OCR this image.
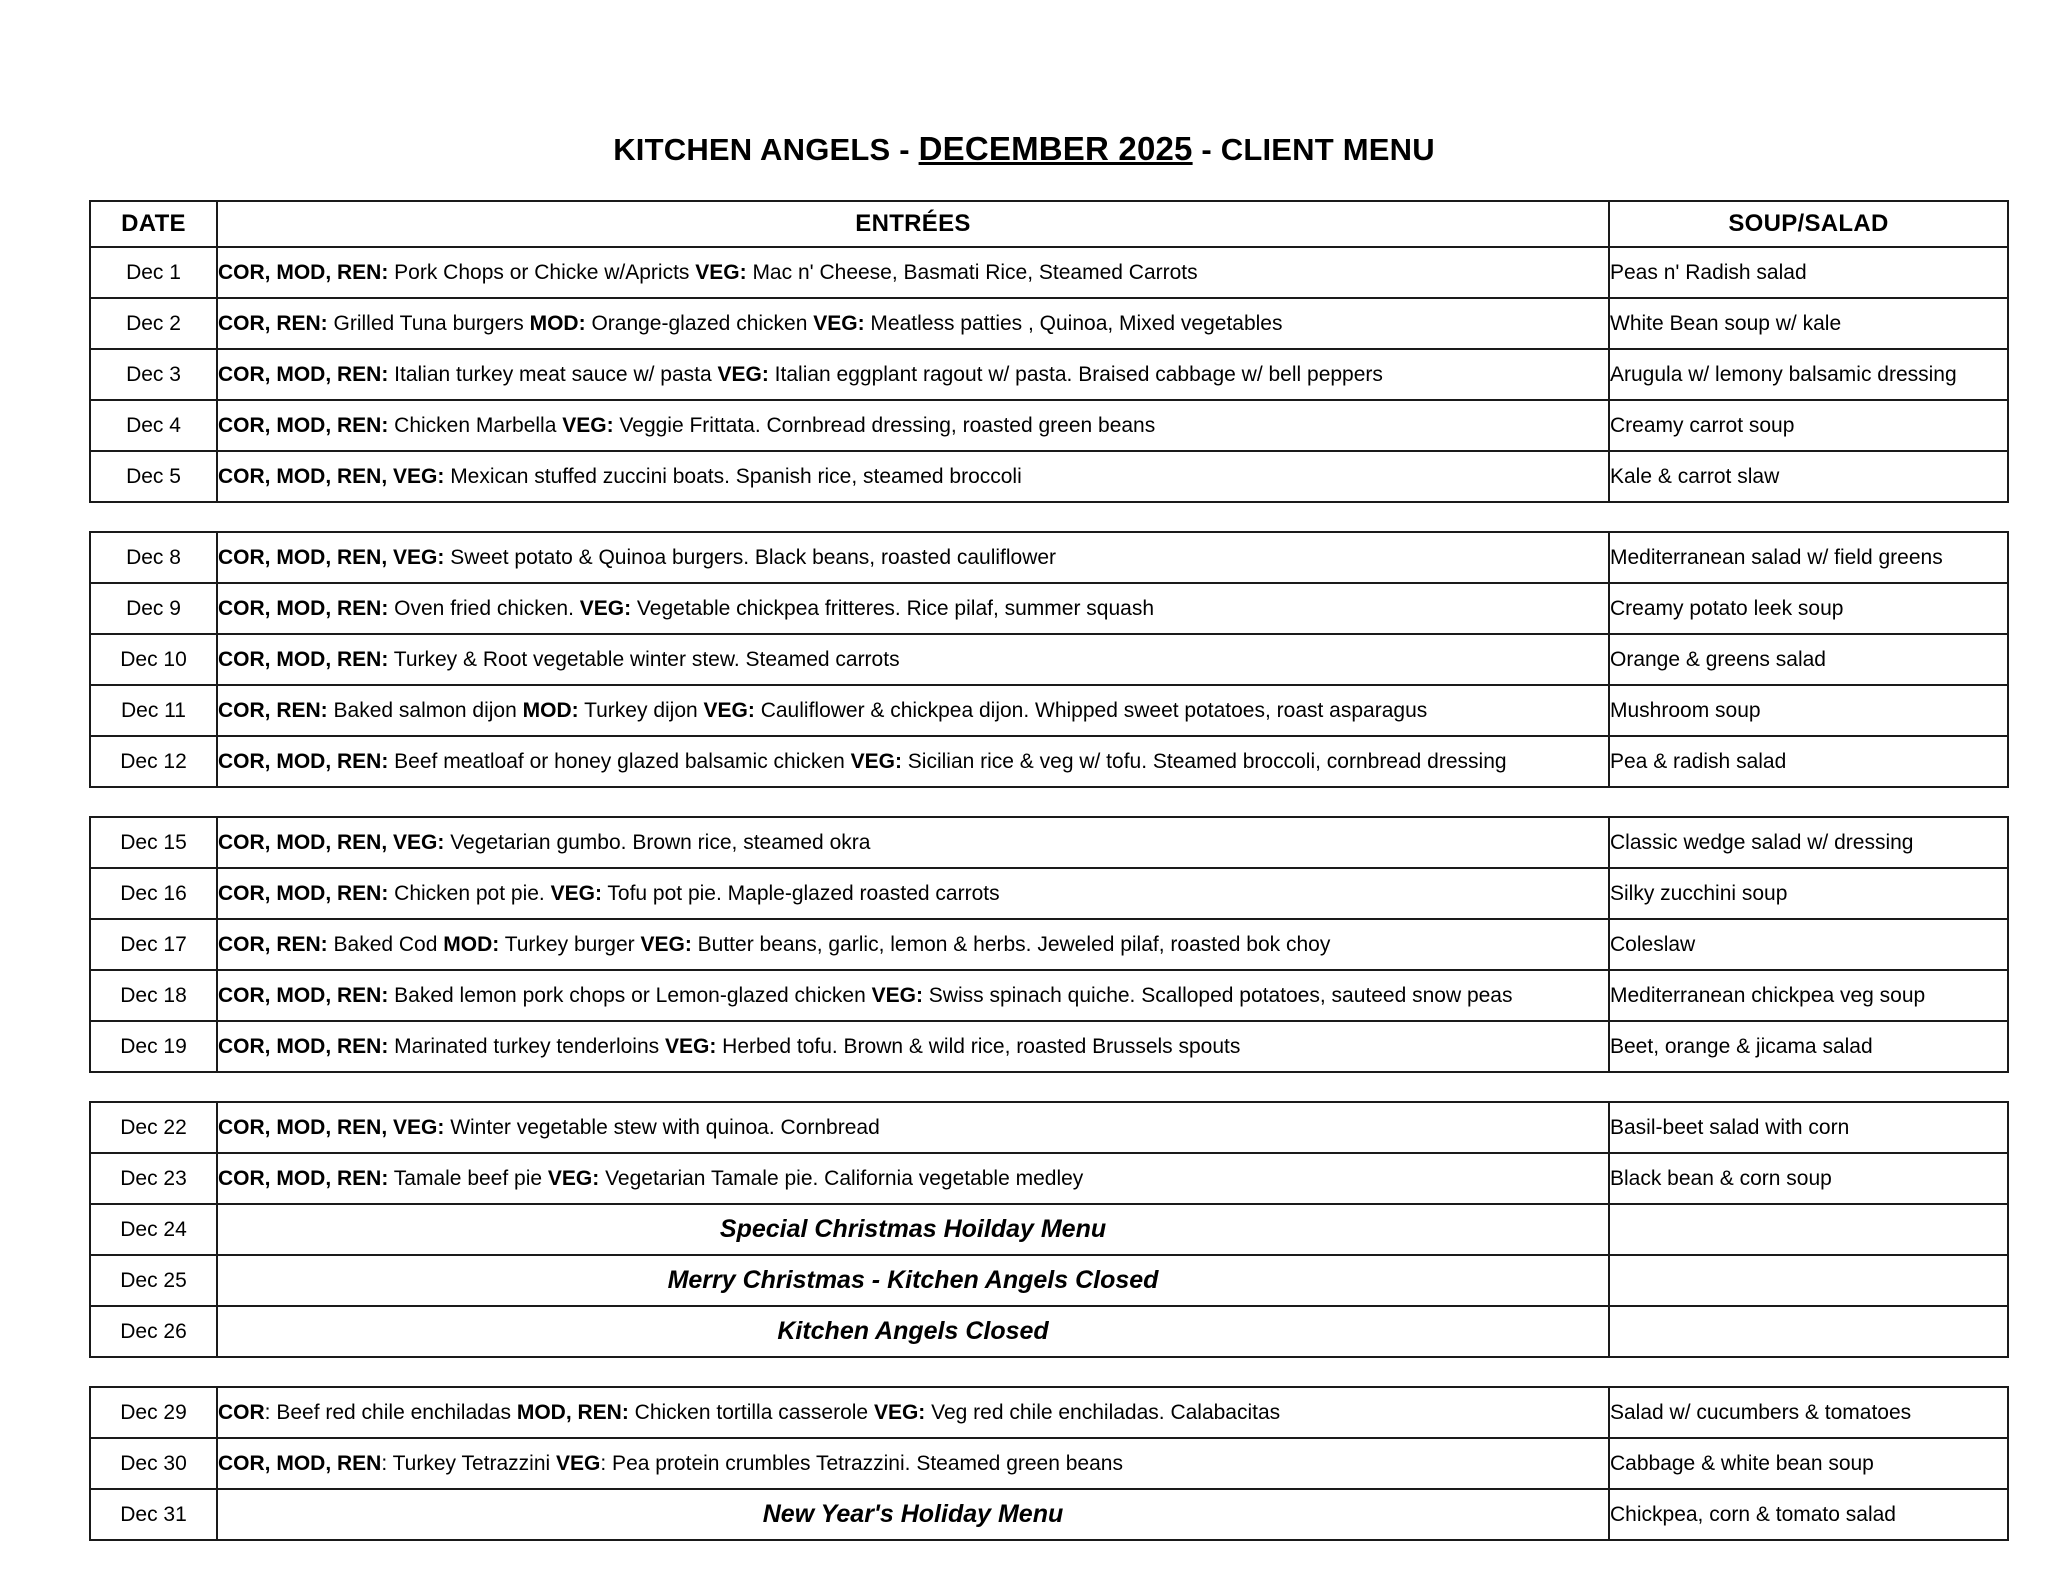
KITCHEN ANGELS - DECEMBER 2025 - CLIENT MENU
DATE	ENTRÉES	SOUP/SALAD
Dec 1	COR, MOD, REN: Pork Chops or Chicke w/Apricts VEG: Mac n' Cheese, Basmati Rice, Steamed Carrots	Peas n' Radish salad
Dec 2	COR, REN: Grilled Tuna burgers MOD: Orange-glazed chicken VEG: Meatless patties , Quinoa, Mixed vegetables	White Bean soup w/ kale
Dec 3	COR, MOD, REN: Italian turkey meat sauce w/ pasta VEG: Italian eggplant ragout w/ pasta. Braised cabbage w/ bell peppers	Arugula w/ lemony balsamic dressing
Dec 4	COR, MOD, REN: Chicken Marbella VEG: Veggie Frittata. Cornbread dressing, roasted green beans	Creamy carrot soup
Dec 5	COR, MOD, REN, VEG: Mexican stuffed zuccini boats. Spanish rice, steamed broccoli	Kale & carrot slaw
Dec 8	COR, MOD, REN, VEG: Sweet potato & Quinoa burgers. Black beans, roasted cauliflower	Mediterranean salad w/ field greens
Dec 9	COR, MOD, REN: Oven fried chicken. VEG: Vegetable chickpea fritteres. Rice pilaf, summer squash	Creamy potato leek soup
Dec 10	COR, MOD, REN: Turkey & Root vegetable winter stew. Steamed carrots	Orange & greens salad
Dec 11	COR, REN: Baked salmon dijon MOD: Turkey dijon VEG: Cauliflower & chickpea dijon. Whipped sweet potatoes, roast asparagus	Mushroom soup
Dec 12	COR, MOD, REN: Beef meatloaf or honey glazed balsamic chicken VEG: Sicilian rice & veg w/ tofu. Steamed broccoli, cornbread dressing	Pea & radish salad
Dec 15	COR, MOD, REN, VEG: Vegetarian gumbo. Brown rice, steamed okra	Classic wedge salad w/ dressing
Dec 16	COR, MOD, REN: Chicken pot pie. VEG: Tofu pot pie. Maple-glazed roasted carrots	Silky zucchini soup
Dec 17	COR, REN: Baked Cod MOD: Turkey burger VEG: Butter beans, garlic, lemon & herbs. Jeweled pilaf, roasted bok choy	Coleslaw
Dec 18	COR, MOD, REN: Baked lemon pork chops or Lemon-glazed chicken VEG: Swiss spinach quiche. Scalloped potatoes, sauteed snow peas	Mediterranean chickpea veg soup
Dec 19	COR, MOD, REN: Marinated turkey tenderloins VEG: Herbed tofu. Brown & wild rice, roasted Brussels spouts	Beet, orange & jicama salad
Dec 22	COR, MOD, REN, VEG: Winter vegetable stew with quinoa. Cornbread	Basil-beet salad with corn
Dec 23	COR, MOD, REN: Tamale beef pie VEG: Vegetarian Tamale pie. California vegetable medley	Black bean & corn soup
Dec 24	Special Christmas Hoilday Menu	
Dec 25	Merry Christmas - Kitchen Angels Closed	
Dec 26	Kitchen Angels Closed	
Dec 29	COR: Beef red chile enchiladas MOD, REN: Chicken tortilla casserole VEG: Veg red chile enchiladas. Calabacitas	Salad w/ cucumbers & tomatoes
Dec 30	COR, MOD, REN: Turkey Tetrazzini VEG: Pea protein crumbles Tetrazzini. Steamed green beans	Cabbage & white bean soup
Dec 31	New Year's Holiday Menu	Chickpea, corn & tomato salad
